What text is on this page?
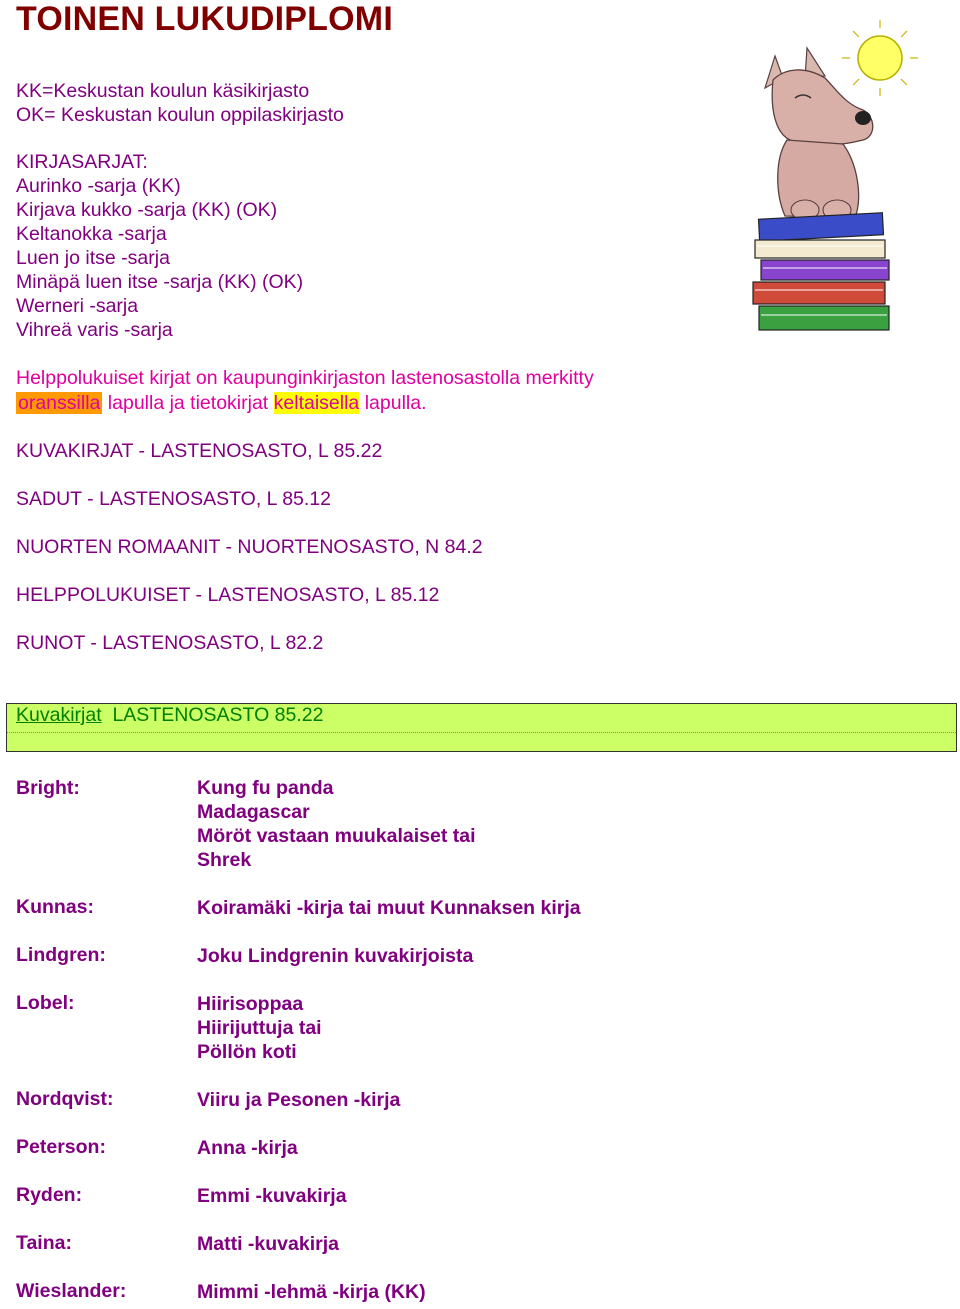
TOINEN LUKUDIPLOMI
KK=Keskustan koulun käsikirjasto
OK= Keskustan koulun oppilaskirjasto
KIRJASARJAT:
Aurinko -sarja (KK)
Kirjava kukko -sarja (KK) (OK)
Keltanokka -sarja
Luen jo itse -sarja
Minäpä luen itse -sarja (KK) (OK)
Werneri -sarja
Vihreä varis -sarja
Helppolukuiset kirjat on kaupunginkirjaston lastenosastolla merkitty
oranssilla lapulla ja tietokirjat keltaisella lapulla.
KUVAKIRJAT - LASTENOSASTO, L 85.22
SADUT - LASTENOSASTO, L 85.12
NUORTEN ROMAANIT - NUORTENOSASTO, N 84.2
HELPPOLUKUISET - LASTENOSASTO, L 85.12
RUNOT - LASTENOSASTO, L 82.2
Kuvakirjat  LASTENOSASTO 85.22
Bright:	Kung fu panda
Madagascar
Möröt vastaan muukalaiset tai
Shrek
Kunnas:	Koiramäki -kirja tai muut Kunnaksen kirja
Lindgren:	Joku Lindgrenin kuvakirjoista
Lobel:	Hiirisoppaa
Hiirijuttuja tai
Pöllön koti
Nordqvist:	Viiru ja Pesonen -kirja
Peterson:	Anna -kirja
Ryden:	Emmi -kuvakirja
Taina:	Matti -kuvakirja
Wieslander:	Mimmi -lehmä -kirja (KK)
